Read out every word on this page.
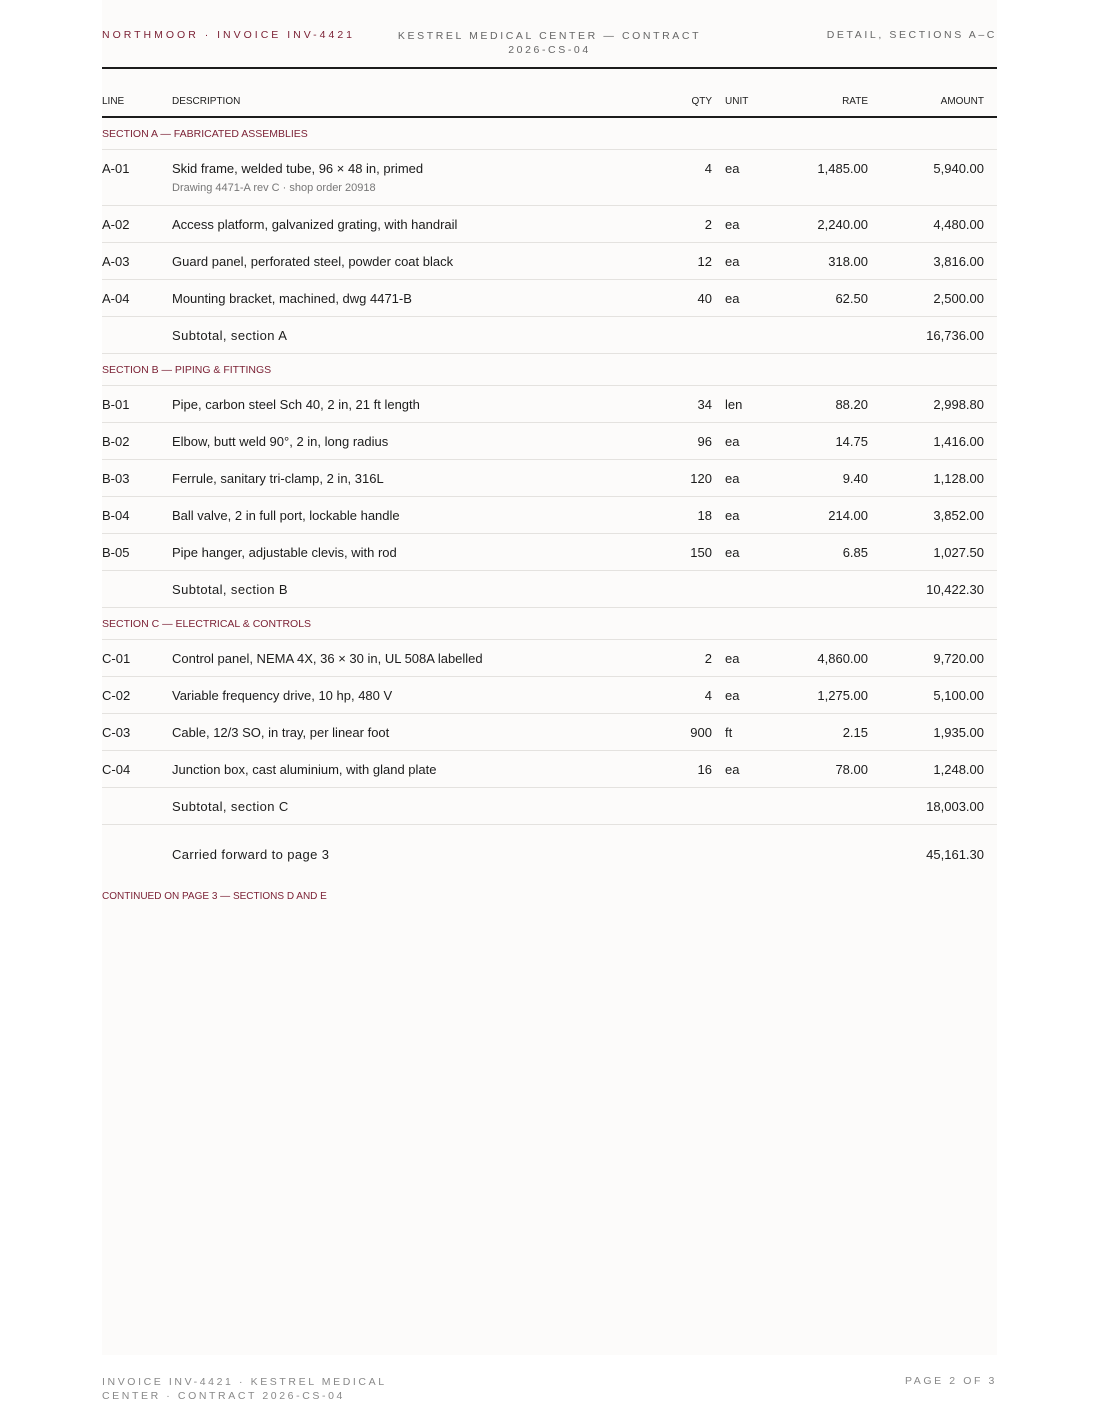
NORTHMOOR · INVOICE INV-4421	KESTREL MEDICAL CENTER — CONTRACT 2026-CS-04
DETAIL, SECTIONS A–C
LINE	DESCRIPTION	QTY UNIT	RATE	AMOUNT
SECTION A — FABRICATED ASSEMBLIES
A-01	Skid frame, welded tube, 96 × 48 in, primed
Drawing 4471-A rev C · shop order 20918
4 ea	1,485.00	5,940.00
A-02	Access platform, galvanized grating, with handrail	2 ea	2,240.00	4,480.00
A-03	Guard panel, perforated steel, powder coat black	12 ea	318.00	3,816.00
A-04	Mounting bracket, machined, dwg 4471-B	40 ea	62.50	2,500.00
Subtotal, section A	16,736.00
SECTION B — PIPING & FITTINGS
B-01	Pipe, carbon steel Sch 40, 2 in, 21 ft length	34 len	88.20	2,998.80
B-02	Elbow, butt weld 90°, 2 in, long radius	96 ea	14.75	1,416.00
B-03	Ferrule, sanitary tri-clamp, 2 in, 316L	120 ea	9.40	1,128.00
B-04	Ball valve, 2 in full port, lockable handle	18 ea	214.00	3,852.00
B-05	Pipe hanger, adjustable clevis, with rod	150 ea	6.85	1,027.50
Subtotal, section B	10,422.30
SECTION C — ELECTRICAL & CONTROLS
C-01	Control panel, NEMA 4X, 36 × 30 in, UL 508A labelled	2 ea	4,860.00	9,720.00
C-02	Variable frequency drive, 10 hp, 480 V	4 ea	1,275.00	5,100.00
C-03	Cable, 12/3 SO, in tray, per linear foot	900 ft	2.15	1,935.00
C-04	Junction box, cast aluminium, with gland plate	16 ea	78.00	1,248.00
Subtotal, section C	18,003.00
Carried forward to page 3	45,161.30
CONTINUED ON PAGE 3 — SECTIONS D AND E
INVOICE INV-4421 · KESTREL MEDICAL CENTER · CONTRACT 2026-CS-04
PAGE 2 OF 3
